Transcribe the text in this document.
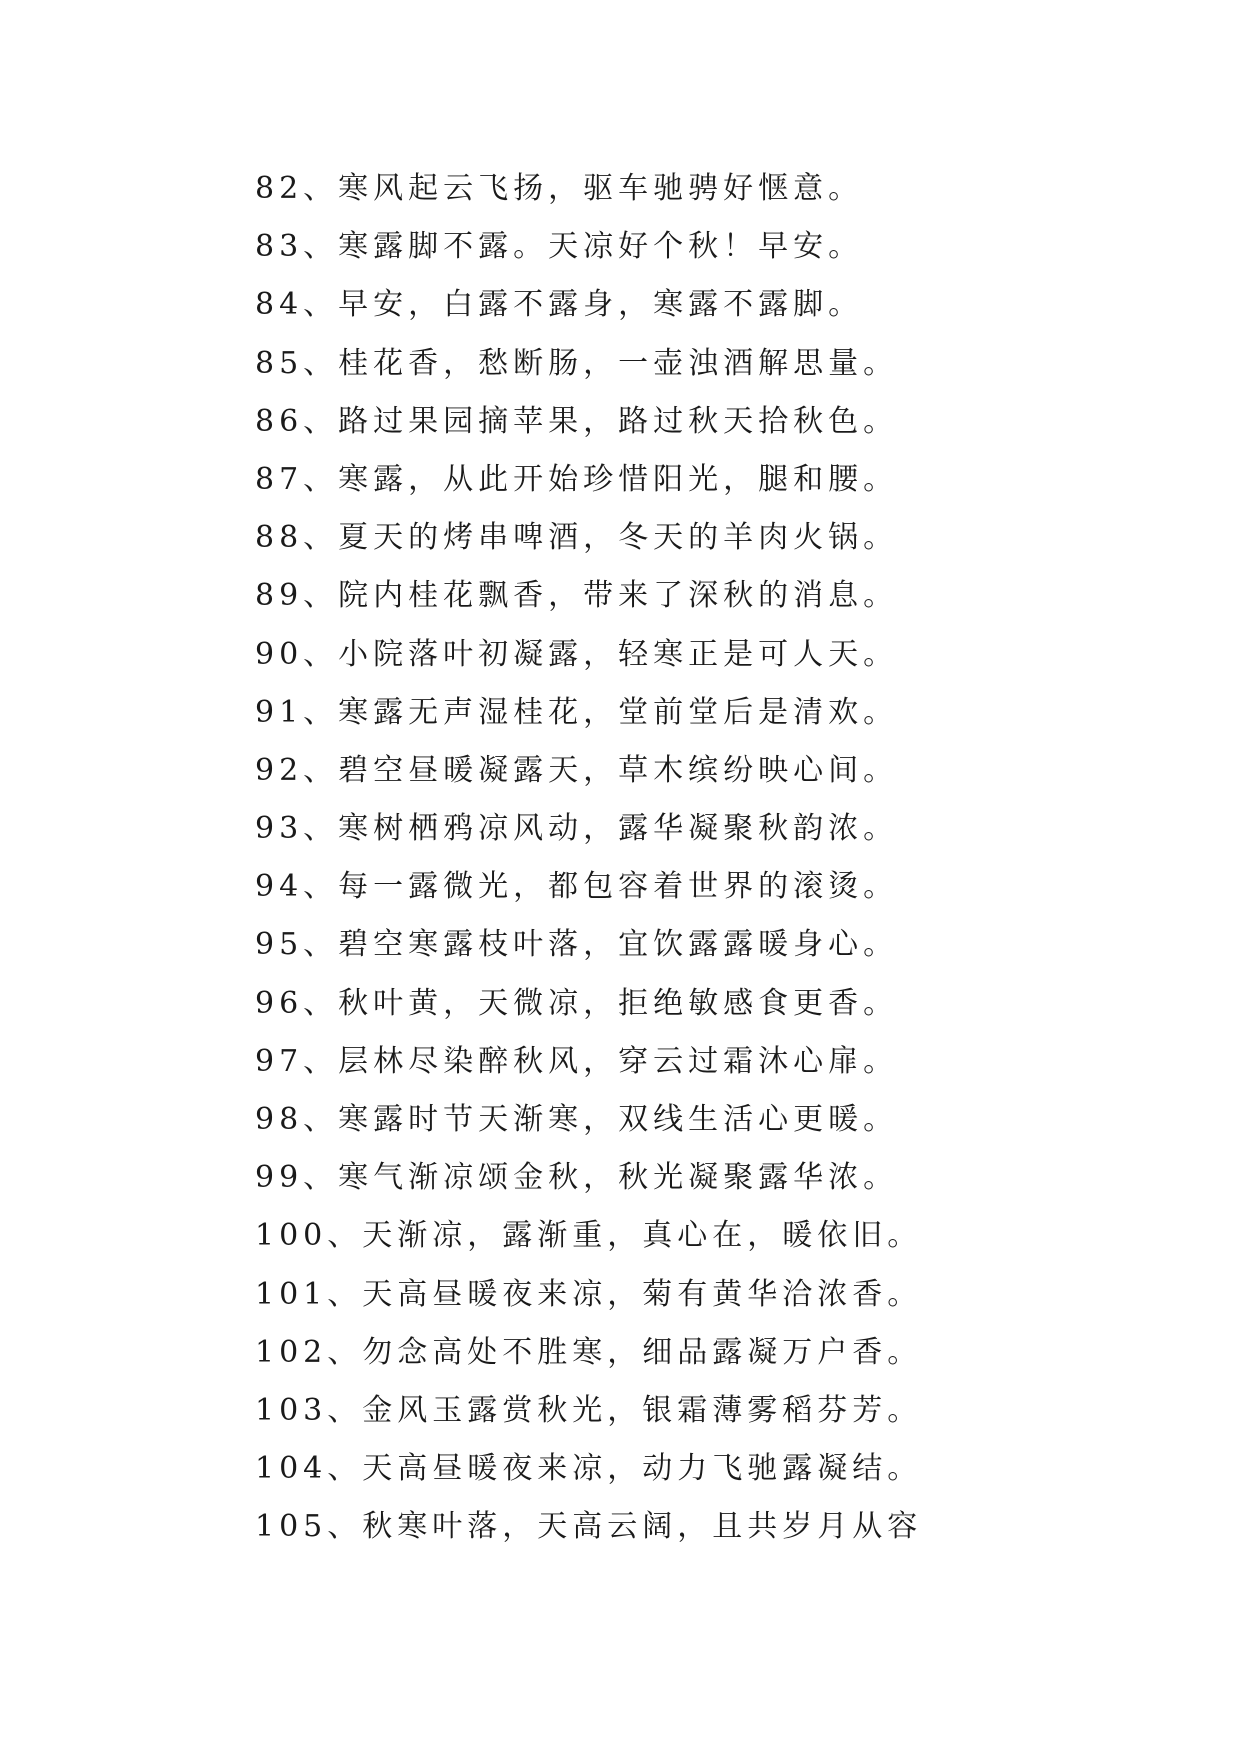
82、寒风起云飞扬，驱车驰骋好惬意。
83、寒露脚不露。天凉好个秋！早安。
84、早安，白露不露身，寒露不露脚。
85、桂花香，愁断肠，一壶浊酒解思量。
86、路过果园摘苹果，路过秋天拾秋色。
87、寒露，从此开始珍惜阳光，腿和腰。
88、夏天的烤串啤酒，冬天的羊肉火锅。
89、院内桂花飘香，带来了深秋的消息。
90、小院落叶初凝露，轻寒正是可人天。
91、寒露无声湿桂花，堂前堂后是清欢。
92、碧空昼暖凝露天，草木缤纷映心间。
93、寒树栖鸦凉风动，露华凝聚秋韵浓。
94、每一露微光，都包容着世界的滚烫。
95、碧空寒露枝叶落，宜饮露露暖身心。
96、秋叶黄，天微凉，拒绝敏感食更香。
97、层林尽染醉秋风，穿云过霜沐心扉。
98、寒露时节天渐寒，双线生活心更暖。
99、寒气渐凉颂金秋，秋光凝聚露华浓。
100、天渐凉，露渐重，真心在，暖依旧。
101、天高昼暖夜来凉，菊有黄华洽浓香。
102、勿念高处不胜寒，细品露凝万户香。
103、金风玉露赏秋光，银霜薄雾稻芬芳。
104、天高昼暖夜来凉，动力飞驰露凝结。
105、秋寒叶落，天高云阔，且共岁月从容
